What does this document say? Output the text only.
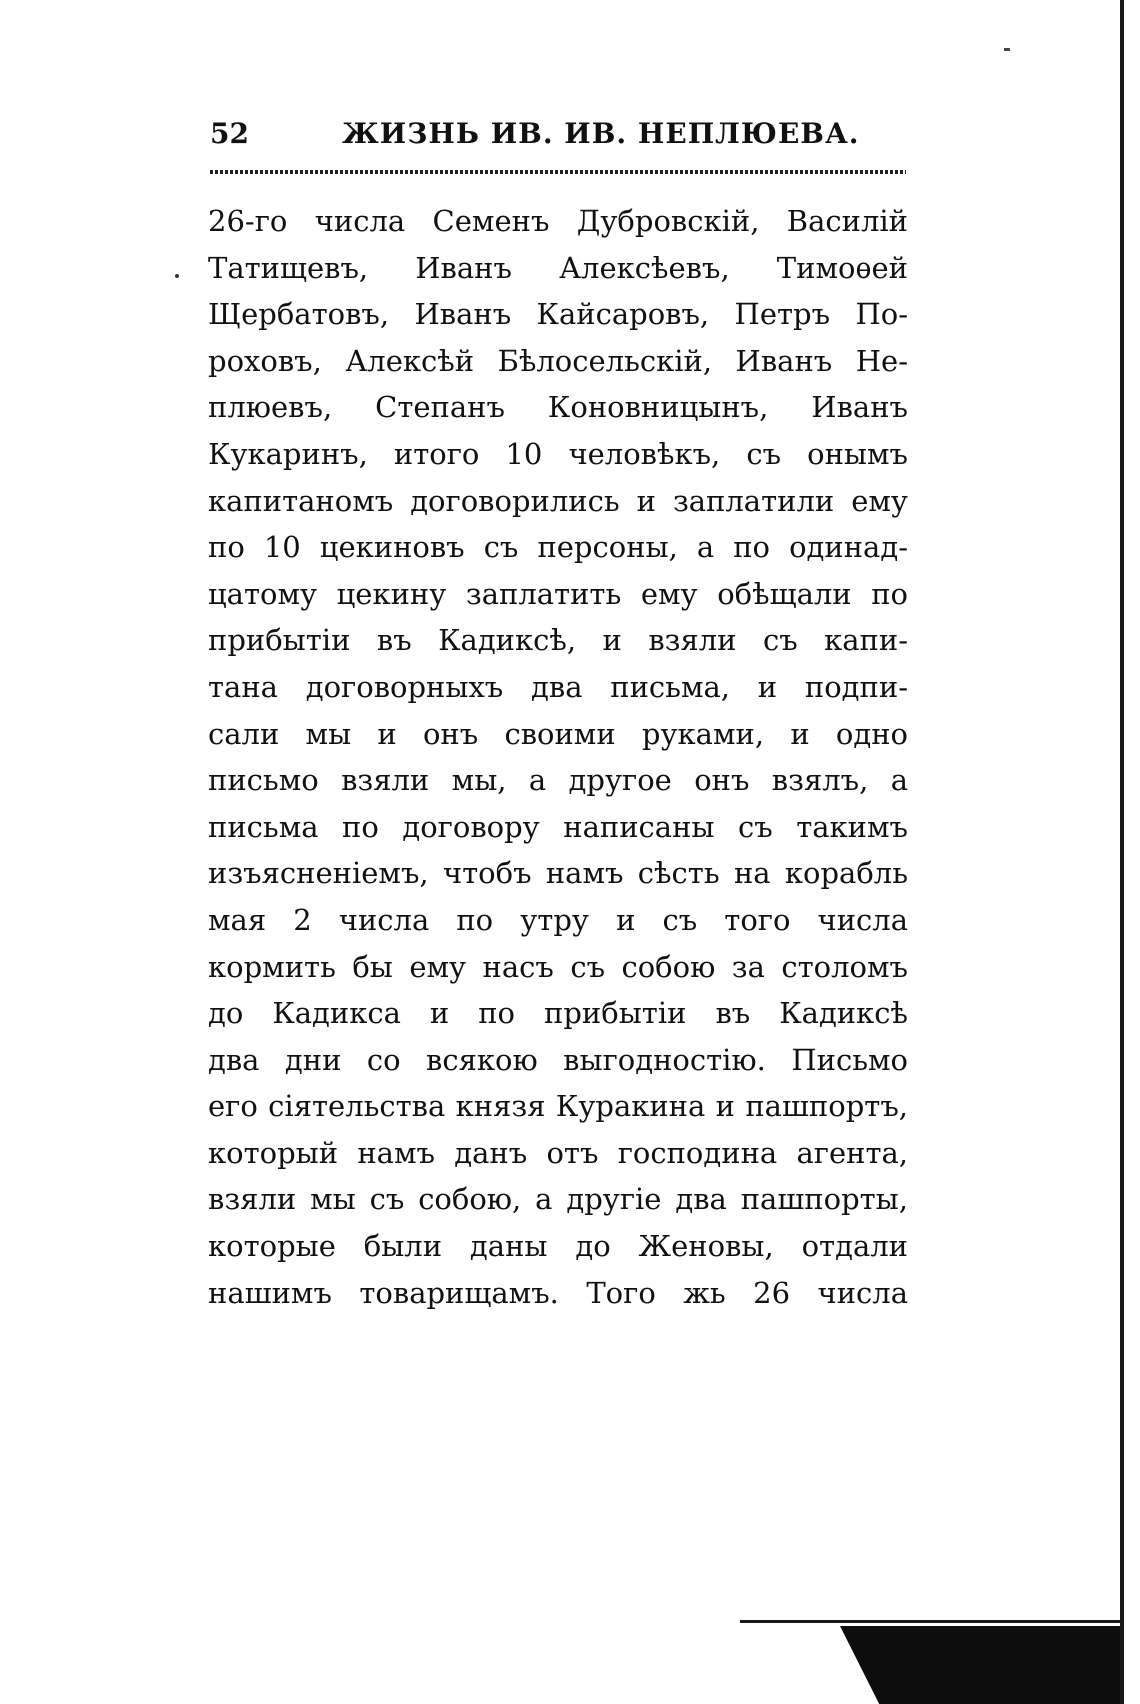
52	ЖИЗНЬ ИВ. ИВ. НЕПЛЮЕВА.
26-го числа Семенъ Дубровскій, Василій
Татищевъ, Иванъ Алексѣевъ, Тимоѳей
Щербатовъ, Иванъ Кайсаровъ, Петръ По-
роховъ, Алексѣй Бѣлосельскій, Иванъ Не-
плюевъ, Степанъ Коновницынъ, Иванъ
Кукаринъ, итого 10 человѣкъ, съ онымъ
капитаномъ договорились и заплатили ему
по 10 цекиновъ съ персоны, а по одинад-
цатому цекину заплатить ему обѣщали по
прибытіи въ Кадиксѣ, и взяли съ капи-
тана договорныхъ два письма, и подпи-
сали мы и онъ своими руками, и одно
письмо взяли мы, а другое онъ взялъ, а
письма по договору написаны съ такимъ
изъясненіемъ, чтобъ намъ сѣсть на корабль
мая 2 числа по утру и съ того числа
кормить бы ему насъ съ собою за столомъ
до Кадикса и по прибытіи въ Кадиксѣ
два дни со всякою выгодностію. Письмо
его сіятельства князя Куракина и пашпортъ,
который намъ данъ отъ господина агента,
взяли мы съ собою, а другіе два пашпорты,
которые были даны до Женовы, отдали
нашимъ товарищамъ. Того жь 26 числа
